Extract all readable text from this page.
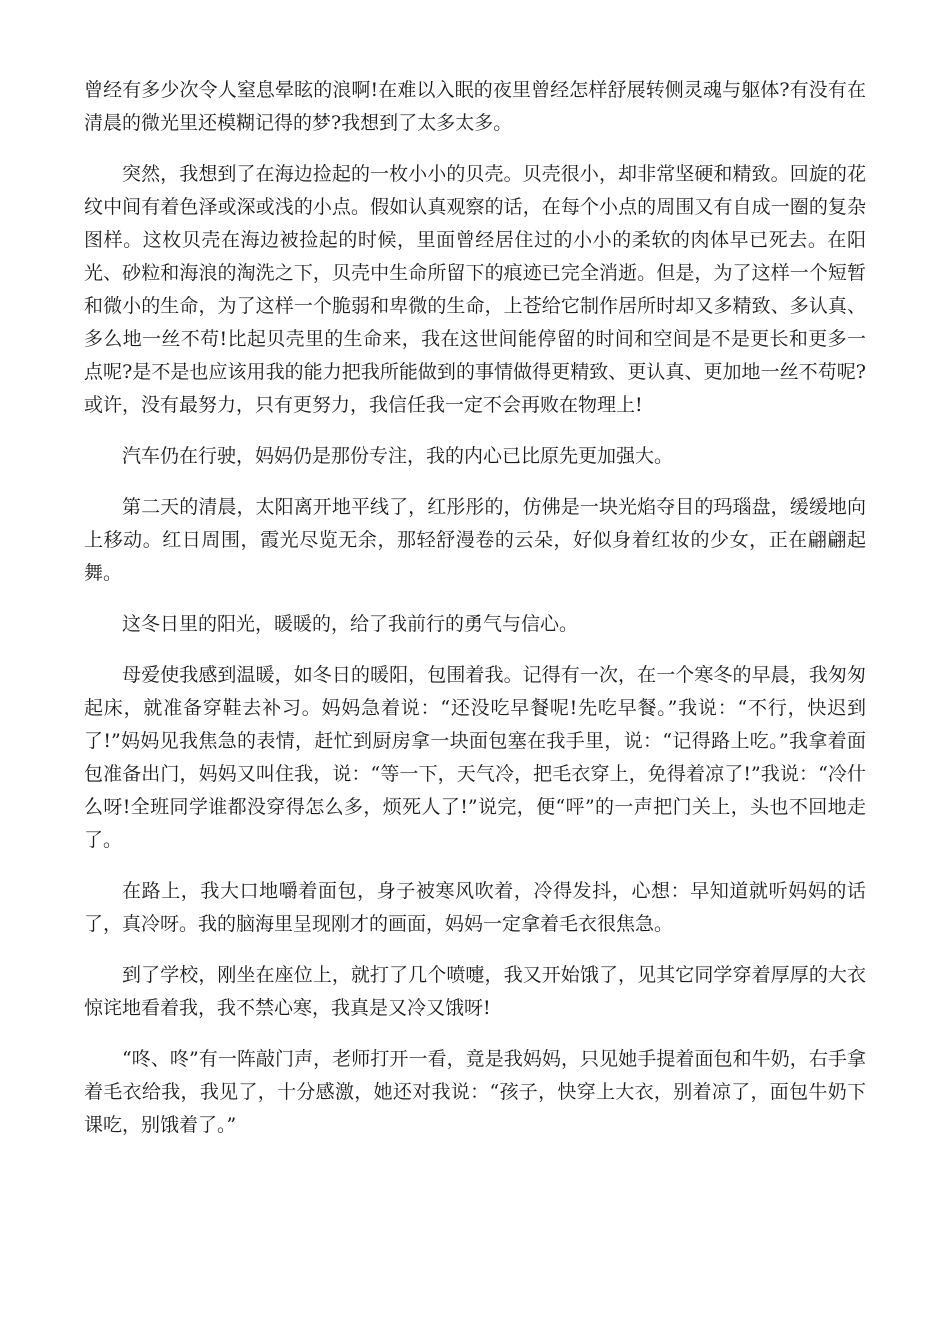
曾经有多少次令人窒息晕眩的浪啊!在难以入眠的夜里曾经怎样舒展转侧灵魂与躯体?有没有在清晨的微光里还模糊记得的梦?我想到了太多太多。

突然，我想到了在海边捡起的一枚小小的贝壳。贝壳很小，却非常坚硬和精致。回旋的花纹中间有着色泽或深或浅的小点。假如认真观察的话，在每个小点的周围又有自成一圈的复杂图样。这枚贝壳在海边被捡起的时候，里面曾经居住过的小小的柔软的肉体早已死去。在阳光、砂粒和海浪的淘洗之下，贝壳中生命所留下的痕迹已完全消逝。但是，为了这样一个短暂和微小的生命，为了这样一个脆弱和卑微的生命，上苍给它制作居所时却又多精致、多认真、多么地一丝不苟!比起贝壳里的生命来，我在这世间能停留的时间和空间是不是更长和更多一点呢?是不是也应该用我的能力把我所能做到的事情做得更精致、更认真、更加地一丝不苟呢?或许，没有最努力，只有更努力，我信任我一定不会再败在物理上!

汽车仍在行驶，妈妈仍是那份专注，我的内心已比原先更加强大。

第二天的清晨，太阳离开地平线了，红彤彤的，仿佛是一块光焰夺目的玛瑙盘，缓缓地向上移动。红日周围，霞光尽览无余，那轻舒漫卷的云朵，好似身着红妆的少女，正在翩翩起舞。

这冬日里的阳光，暖暖的，给了我前行的勇气与信心。

母爱使我感到温暖，如冬日的暖阳，包围着我。记得有一次，在一个寒冬的早晨，我匆匆起床，就准备穿鞋去补习。妈妈急着说：“还没吃早餐呢!先吃早餐。”我说：“不行，快迟到了!”妈妈见我焦急的表情，赶忙到厨房拿一块面包塞在我手里，说：“记得路上吃。”我拿着面包准备出门，妈妈又叫住我，说：“等一下，天气冷，把毛衣穿上，免得着凉了!”我说：“冷什么呀!全班同学谁都没穿得怎么多，烦死人了!”说完，便“呯”的一声把门关上，头也不回地走了。

在路上，我大口地嚼着面包，身子被寒风吹着，冷得发抖，心想：早知道就听妈妈的话了，真冷呀。我的脑海里呈现刚才的画面，妈妈一定拿着毛衣很焦急。

到了学校，刚坐在座位上，就打了几个喷嚏，我又开始饿了，见其它同学穿着厚厚的大衣惊诧地看着我，我不禁心寒，我真是又冷又饿呀!

“咚、咚”有一阵敲门声，老师打开一看，竟是我妈妈，只见她手提着面包和牛奶，右手拿着毛衣给我，我见了，十分感激，她还对我说：“孩子，快穿上大衣，别着凉了，面包牛奶下课吃，别饿着了。”
